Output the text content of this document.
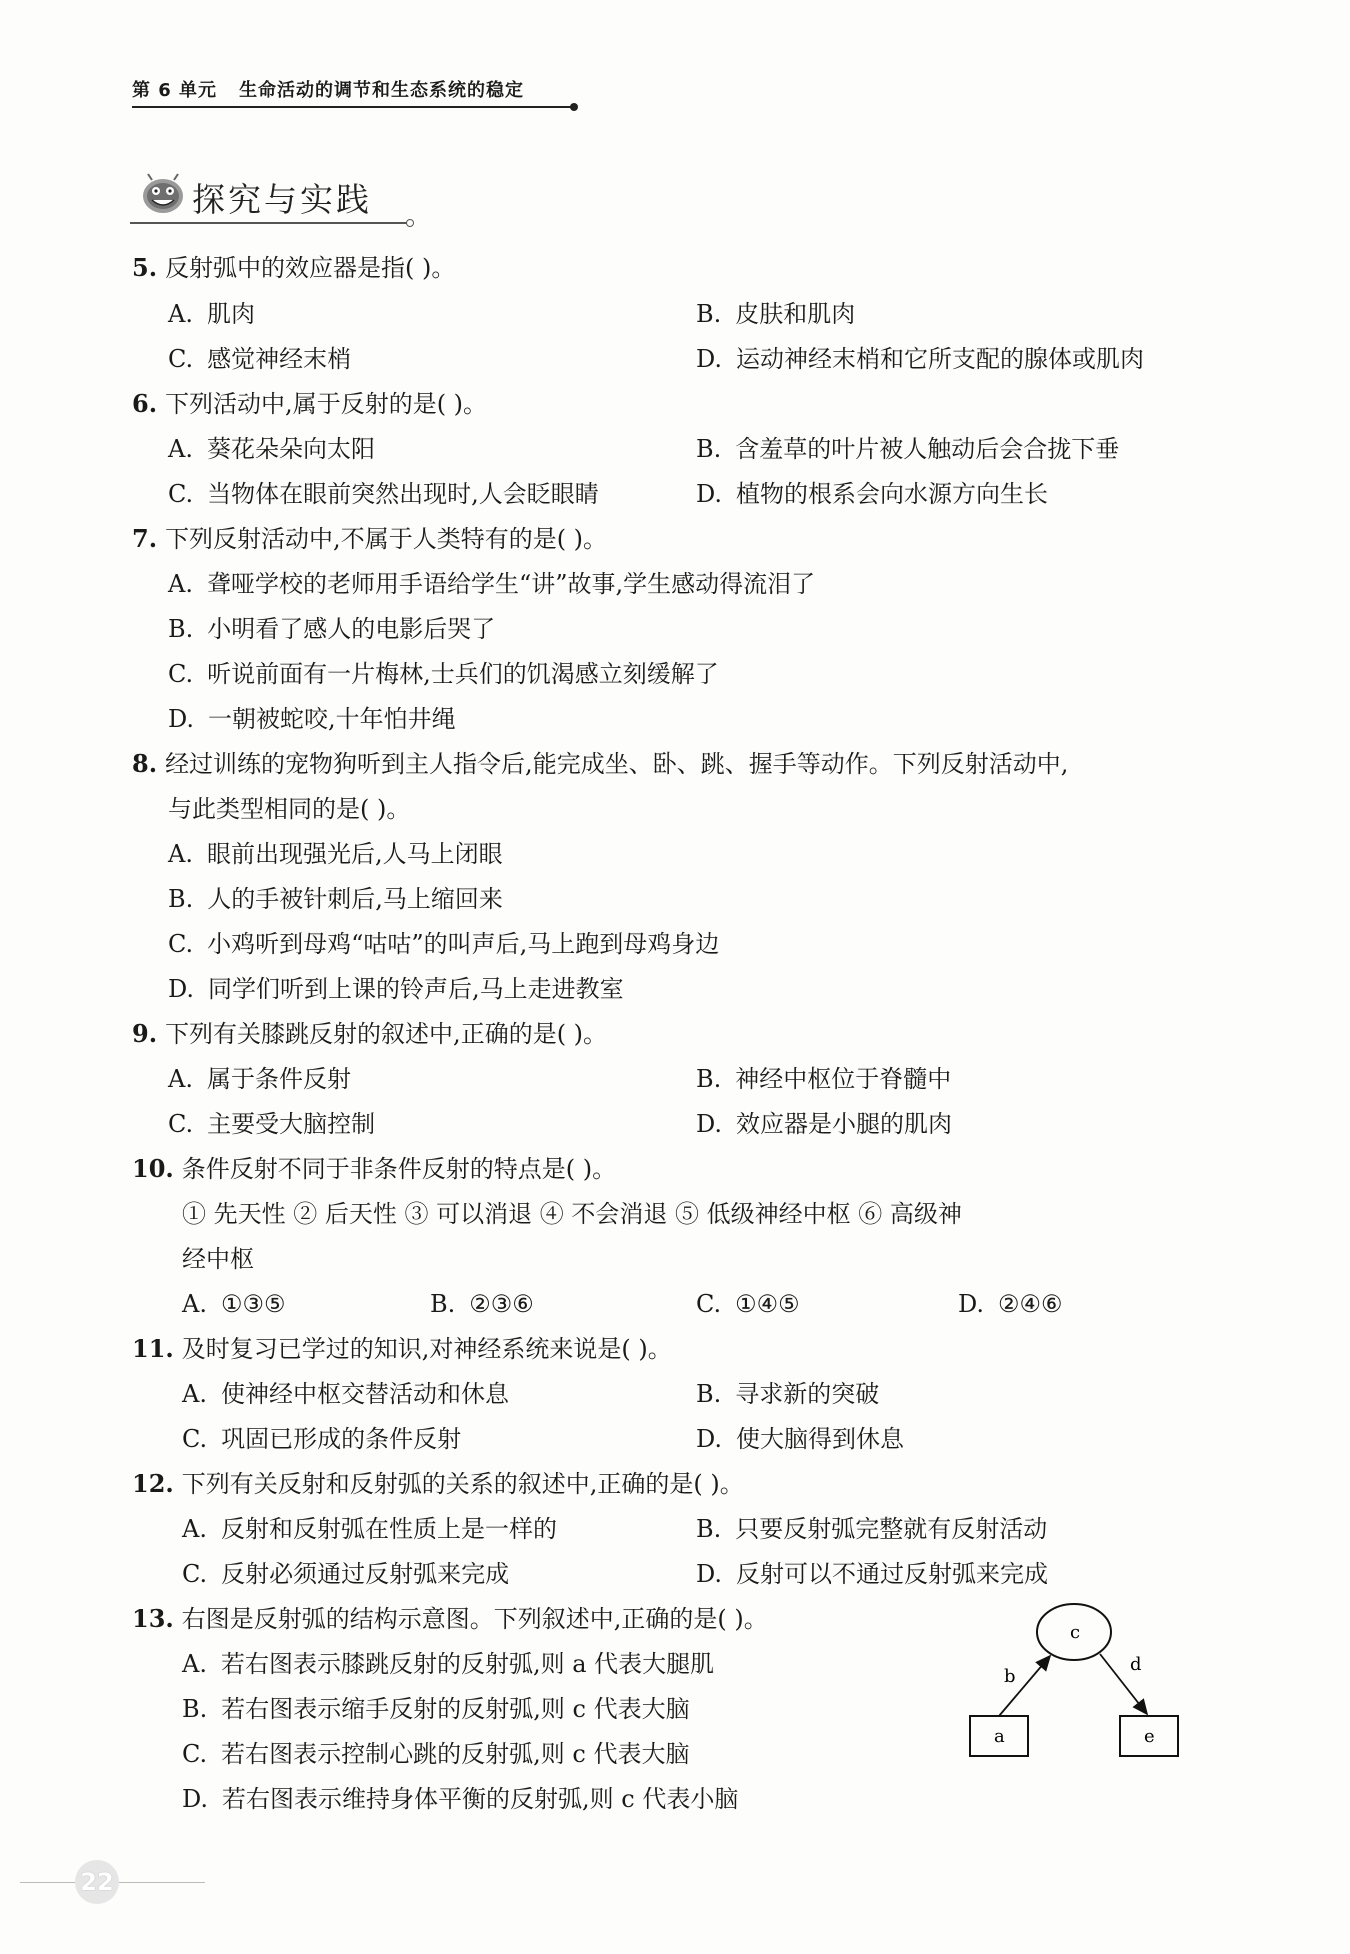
第 6 单元 生命活动的调节和生态系统的稳定
探究与实践
5. 反射弧中的效应器是指( )。
A. 肌肉	B. 皮肤和肌肉
C. 感觉神经末梢	D. 运动神经末梢和它所支配的腺体或肌肉
6. 下列活动中,属于反射的是( )。
A. 葵花朵朵向太阳	B. 含羞草的叶片被人触动后会合拢下垂
C. 当物体在眼前突然出现时,人会眨眼睛	D. 植物的根系会向水源方向生长
7. 下列反射活动中,不属于人类特有的是( )。
A. 聋哑学校的老师用手语给学生“讲”故事,学生感动得流泪了
B. 小明看了感人的电影后哭了
C. 听说前面有一片梅林,士兵们的饥渴感立刻缓解了
D. 一朝被蛇咬,十年怕井绳
8. 经过训练的宠物狗听到主人指令后,能完成坐、卧、跳、握手等动作。下列反射活动中,
与此类型相同的是( )。
A. 眼前出现强光后,人马上闭眼
B. 人的手被针刺后,马上缩回来
C. 小鸡听到母鸡“咕咕”的叫声后,马上跑到母鸡身边
D. 同学们听到上课的铃声后,马上走进教室
9. 下列有关膝跳反射的叙述中,正确的是( )。
A. 属于条件反射	B. 神经中枢位于脊髓中
C. 主要受大脑控制	D. 效应器是小腿的肌肉
10. 条件反射不同于非条件反射的特点是( )。
① 先天性 ② 后天性 ③ 可以消退 ④ 不会消退 ⑤ 低级神经中枢 ⑥ 高级神
经中枢
A. ①③⑤	B. ②③⑥	C. ①④⑤	D. ②④⑥
11. 及时复习已学过的知识,对神经系统来说是( )。
A. 使神经中枢交替活动和休息	B. 寻求新的突破
C. 巩固已形成的条件反射	D. 使大脑得到休息
12. 下列有关反射和反射弧的关系的叙述中,正确的是( )。
A. 反射和反射弧在性质上是一样的	B. 只要反射弧完整就有反射活动
C. 反射必须通过反射弧来完成	D. 反射可以不通过反射弧来完成
13. 右图是反射弧的结构示意图。下列叙述中,正确的是( )。
A. 若右图表示膝跳反射的反射弧,则 a 代表大腿肌
B. 若右图表示缩手反射的反射弧,则 c 代表大脑
C. 若右图表示控制心跳的反射弧,则 c 代表大脑
D. 若右图表示维持身体平衡的反射弧,则 c 代表小脑
c
a	e
b
d
22
